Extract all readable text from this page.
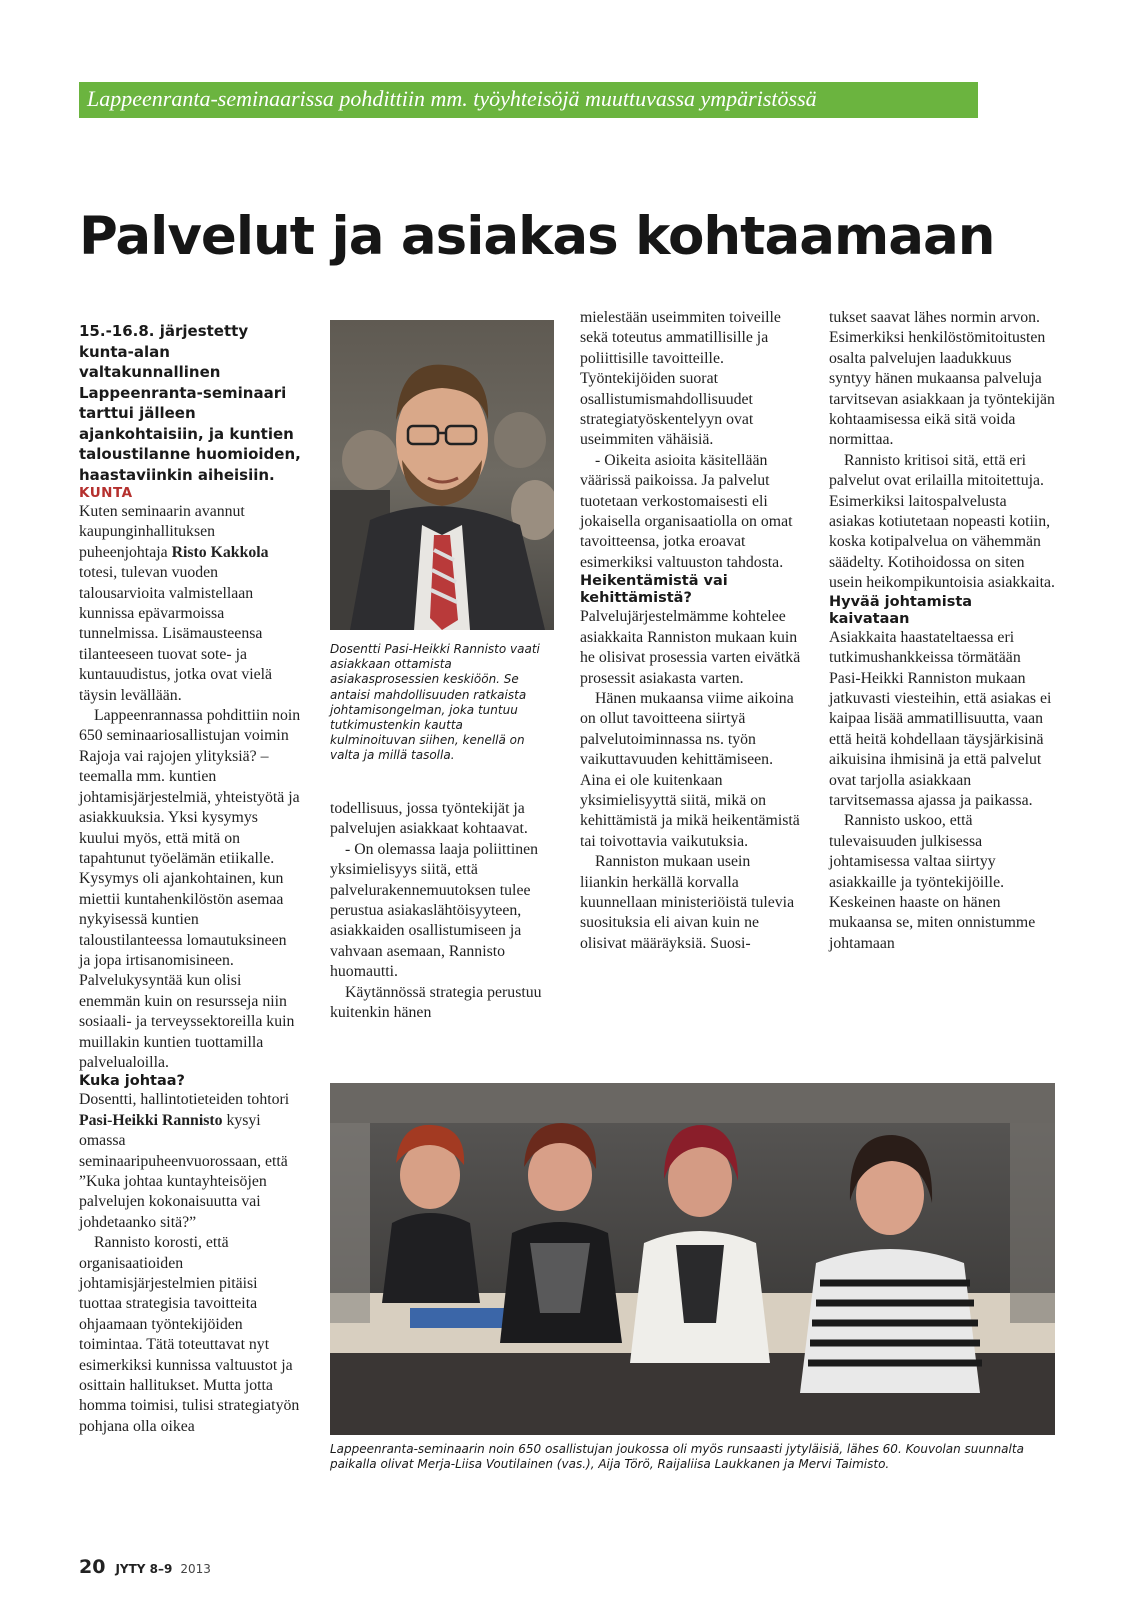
Lappeenranta-seminaarissa pohdittiin mm. työyhteisöjä muuttuvassa ympäristössä
Palvelut ja asiakas kohtaamaan

15.-16.8. järjestetty kunta-alan valtakunnallinen Lappeenranta-seminaari tarttui jälleen ajankohtaisiin, ja kuntien taloustilanne huomioiden, haastaviinkin aiheisiin.

KUNTA

Kuten seminaarin avannut kaupunginhallituksen puheenjohtaja Risto Kakkola totesi, tulevan vuoden talousarvioita valmistellaan kunnissa epävarmoissa tunnelmissa. Lisämausteensa tilanteeseen tuovat sote- ja kuntauudistus, jotka ovat vielä täysin levällään.

Lappeenrannassa pohdittiin noin 650 seminaariosallistujan voimin Rajoja vai rajojen ylityksiä? –teemalla mm. kuntien johtamisjärjestelmiä, yhteistyötä ja asiakkuuksia. Yksi kysymys kuului myös, että mitä on tapahtunut työelämän etiikalle. Kysymys oli ajankohtainen, kun miettii kuntahenkilöstön asemaa nykyisessä kuntien taloustilanteessa lomautuksineen ja jopa irtisanomisineen. Palvelukysyntää kun olisi enemmän kuin on resursseja niin sosiaali- ja terveyssektoreilla kuin muillakin kuntien tuottamilla palvelualoilla.

Kuka johtaa?

Dosentti, hallintotieteiden tohtori Pasi-Heikki Rannisto kysyi omassa seminaaripuheenvuorossaan, että ”Kuka johtaa kuntayhteisöjen palvelujen kokonaisuutta vai johdetaanko sitä?”

Rannisto korosti, että organisaatioiden johtamisjärjestelmien pitäisi tuottaa strategisia tavoitteita ohjaamaan työntekijöiden toimintaa. Tätä toteuttavat nyt esimerkiksi kunnissa valtuustot ja osittain hallitukset. Mutta jotta homma toimisi, tulisi strategiatyön pohjana olla oikea

Dosentti Pasi-Heikki Rannisto vaati asiakkaan ottamista asiakasprosessien keskiöön. Se antaisi mahdollisuuden ratkaista johtamisongelman, joka tuntuu tutkimustenkin kautta kulminoituvan siihen, kenellä on valta ja millä tasolla.

todellisuus, jossa työntekijät ja palvelujen asiakkaat kohtaavat.

- On olemassa laaja poliittinen yksimielisyys siitä, että palvelurakennemuutoksen tulee perustua asiakaslähtöisyyteen, asiakkaiden osallistumiseen ja vahvaan asemaan, Rannisto huomautti.

Käytännössä strategia perustuu kuitenkin hänen

mielestään useimmiten toiveille sekä toteutus ammatillisille ja poliittisille tavoitteille. Työntekijöiden suorat osallistumismahdollisuudet strategiatyöskentelyyn ovat useimmiten vähäisiä.

- Oikeita asioita käsitellään väärissä paikoissa. Ja palvelut tuotetaan verkostomaisesti eli jokaisella organisaatiolla on omat tavoitteensa, jotka eroavat esimerkiksi valtuuston tahdosta.

Heikentämistä vai kehittämistä?

Palvelujärjestelmämme kohtelee asiakkaita Ranniston mukaan kuin he olisivat prosessia varten eivätkä prosessit asiakasta varten.

Hänen mukaansa viime aikoina on ollut tavoitteena siirtyä palvelutoiminnassa ns. työn vaikuttavuuden kehittämiseen. Aina ei ole kuitenkaan yksimielisyyttä siitä, mikä on kehittämistä ja mikä heikentämistä tai toivottavia vaikutuksia.

Ranniston mukaan usein liiankin herkällä korvalla kuunnellaan ministeriöistä tulevia suosituksia eli aivan kuin ne olisivat määräyksiä. Suosi-

tukset saavat lähes normin arvon. Esimerkiksi henkilöstömitoitusten osalta palvelujen laadukkuus syntyy hänen mukaansa palveluja tarvitsevan asiakkaan ja työntekijän kohtaamisessa eikä sitä voida normittaa.

Rannisto kritisoi sitä, että eri palvelut ovat erilailla mitoitettuja. Esimerkiksi laitospalvelusta asiakas kotiutetaan nopeasti kotiin, koska kotipalvelua on vähemmän säädelty. Kotihoidossa on siten usein heikompikuntoisia asiakkaita.

Hyvää johtamista kaivataan

Asiakkaita haastateltaessa eri tutkimushankkeissa törmätään Pasi-Heikki Ranniston mukaan jatkuvasti viesteihin, että asiakas ei kaipaa lisää ammatillisuutta, vaan että heitä kohdellaan täysjärkisinä aikuisina ihmisinä ja että palvelut ovat tarjolla asiakkaan tarvitsemassa ajassa ja paikassa.

Rannisto uskoo, että tulevaisuuden julkisessa johtamisessa valtaa siirtyy asiakkaille ja työntekijöille. Keskeinen haaste on hänen mukaansa se, miten onnistumme johtamaan

Lappeenranta-seminaarin noin 650 osallistujan joukossa oli myös runsaasti jytyläisiä, lähes 60. Kouvolan suunnalta paikalla olivat Merja-Liisa Voutilainen (vas.), Aija Törö, Raijaliisa Laukkanen ja Mervi Taimisto.
20 JYTY 8–9 2013
